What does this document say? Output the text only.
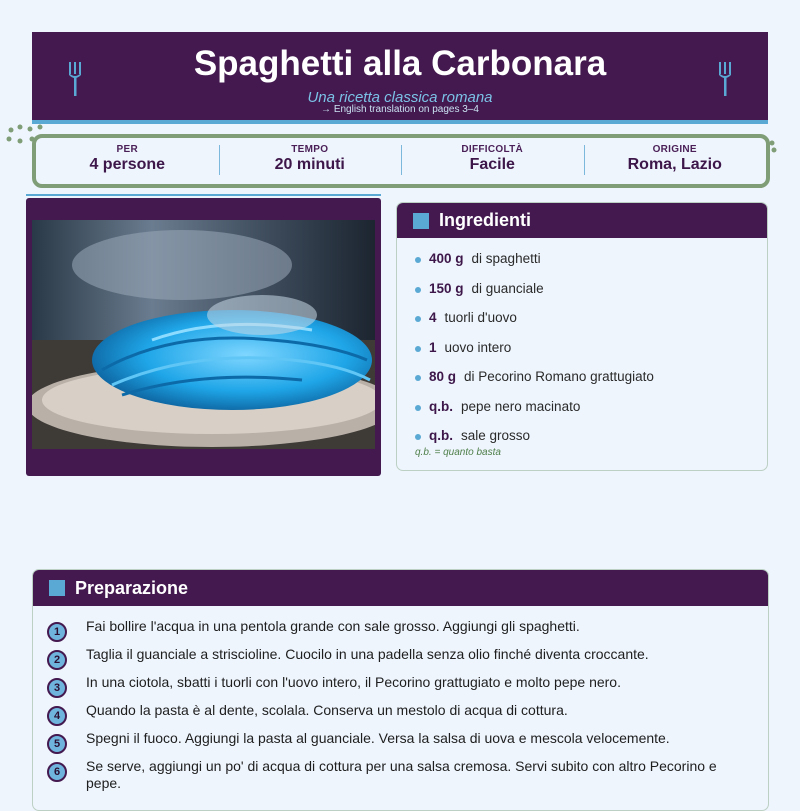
Spaghetti alla Carbonara
Una ricetta classica romana
→ English translation on pages 3–4
PER
4 persone
TEMPO
20 minuti
DIFFICOLTÀ
Facile
ORIGINE
Roma, Lazio
Ingredienti
400 g di spaghetti
150 g di guanciale
4 tuorli d'uovo
1 uovo intero
80 g di Pecorino Romano grattugiato
q.b. pepe nero macinato
q.b. sale grosso
q.b. = quanto basta
Preparazione
1	Fai bollire l'acqua in una pentola grande con sale grosso. Aggiungi gli spaghetti.
2	Taglia il guanciale a striscioline. Cuocilo in una padella senza olio finché diventa croccante.
3	In una ciotola, sbatti i tuorli con l'uovo intero, il Pecorino grattugiato e molto pepe nero.
4	Quando la pasta è al dente, scolala. Conserva un mestolo di acqua di cottura.
5	Spegni il fuoco. Aggiungi la pasta al guanciale. Versa la salsa di uova e mescola velocemente.
6	Se serve, aggiungi un po' di acqua di cottura per una salsa cremosa. Servi subito con altro Pecorino e pepe.
